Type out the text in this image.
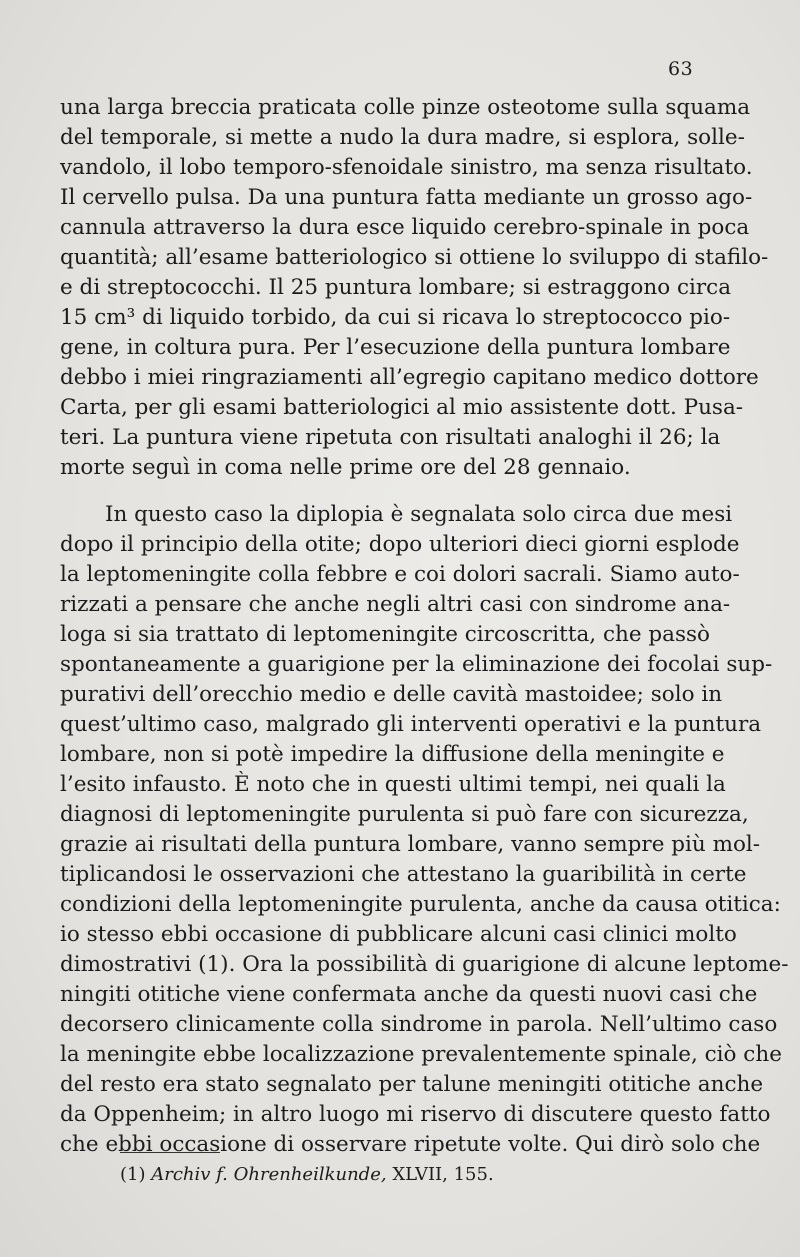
63
una larga breccia praticata colle pinze osteotome sulla squama
del temporale, si mette a nudo la dura madre, si esplora, solle-
vandolo, il lobo temporo-sfenoidale sinistro, ma senza risultato.
Il cervello pulsa. Da una puntura fatta mediante un grosso ago-
cannula attraverso la dura esce liquido cerebro-spinale in poca
quantità; all’esame batteriologico si ottiene lo sviluppo di stafilo-
e di streptococchi. Il 25 puntura lombare; si estraggono circa
15 cm³ di liquido torbido, da cui si ricava lo streptococco pio-
gene, in coltura pura. Per l’esecuzione della puntura lombare
debbo i miei ringraziamenti all’egregio capitano medico dottore
Carta, per gli esami batteriologici al mio assistente dott. Pusa-
teri. La puntura viene ripetuta con risultati analoghi il 26; la
morte seguì in coma nelle prime ore del 28 gennaio.
In questo caso la diplopia è segnalata solo circa due mesi
dopo il principio della otite; dopo ulteriori dieci giorni esplode
la leptomeningite colla febbre e coi dolori sacrali. Siamo auto-
rizzati a pensare che anche negli altri casi con sindrome ana-
loga si sia trattato di leptomeningite circoscritta, che passò
spontaneamente a guarigione per la eliminazione dei focolai sup-
purativi dell’orecchio medio e delle cavità mastoidee; solo in
quest’ultimo caso, malgrado gli interventi operativi e la puntura
lombare, non si potè impedire la diffusione della meningite e
l’esito infausto. È noto che in questi ultimi tempi, nei quali la
diagnosi di leptomeningite purulenta si può fare con sicurezza,
grazie ai risultati della puntura lombare, vanno sempre più mol-
tiplicandosi le osservazioni che attestano la guaribilità in certe
condizioni della leptomeningite purulenta, anche da causa otitica:
io stesso ebbi occasione di pubblicare alcuni casi clinici molto
dimostrativi (1). Ora la possibilità di guarigione di alcune leptome-
ningiti otitiche viene confermata anche da questi nuovi casi che
decorsero clinicamente colla sindrome in parola. Nell’ultimo caso
la meningite ebbe localizzazione prevalentemente spinale, ciò che
del resto era stato segnalato per talune meningiti otitiche anche
da Oppenheim; in altro luogo mi riservo di discutere questo fatto
che ebbi occasione di osservare ripetute volte. Qui dirò solo che
(1) Archiv f. Ohrenheilkunde, XLVII, 155.
